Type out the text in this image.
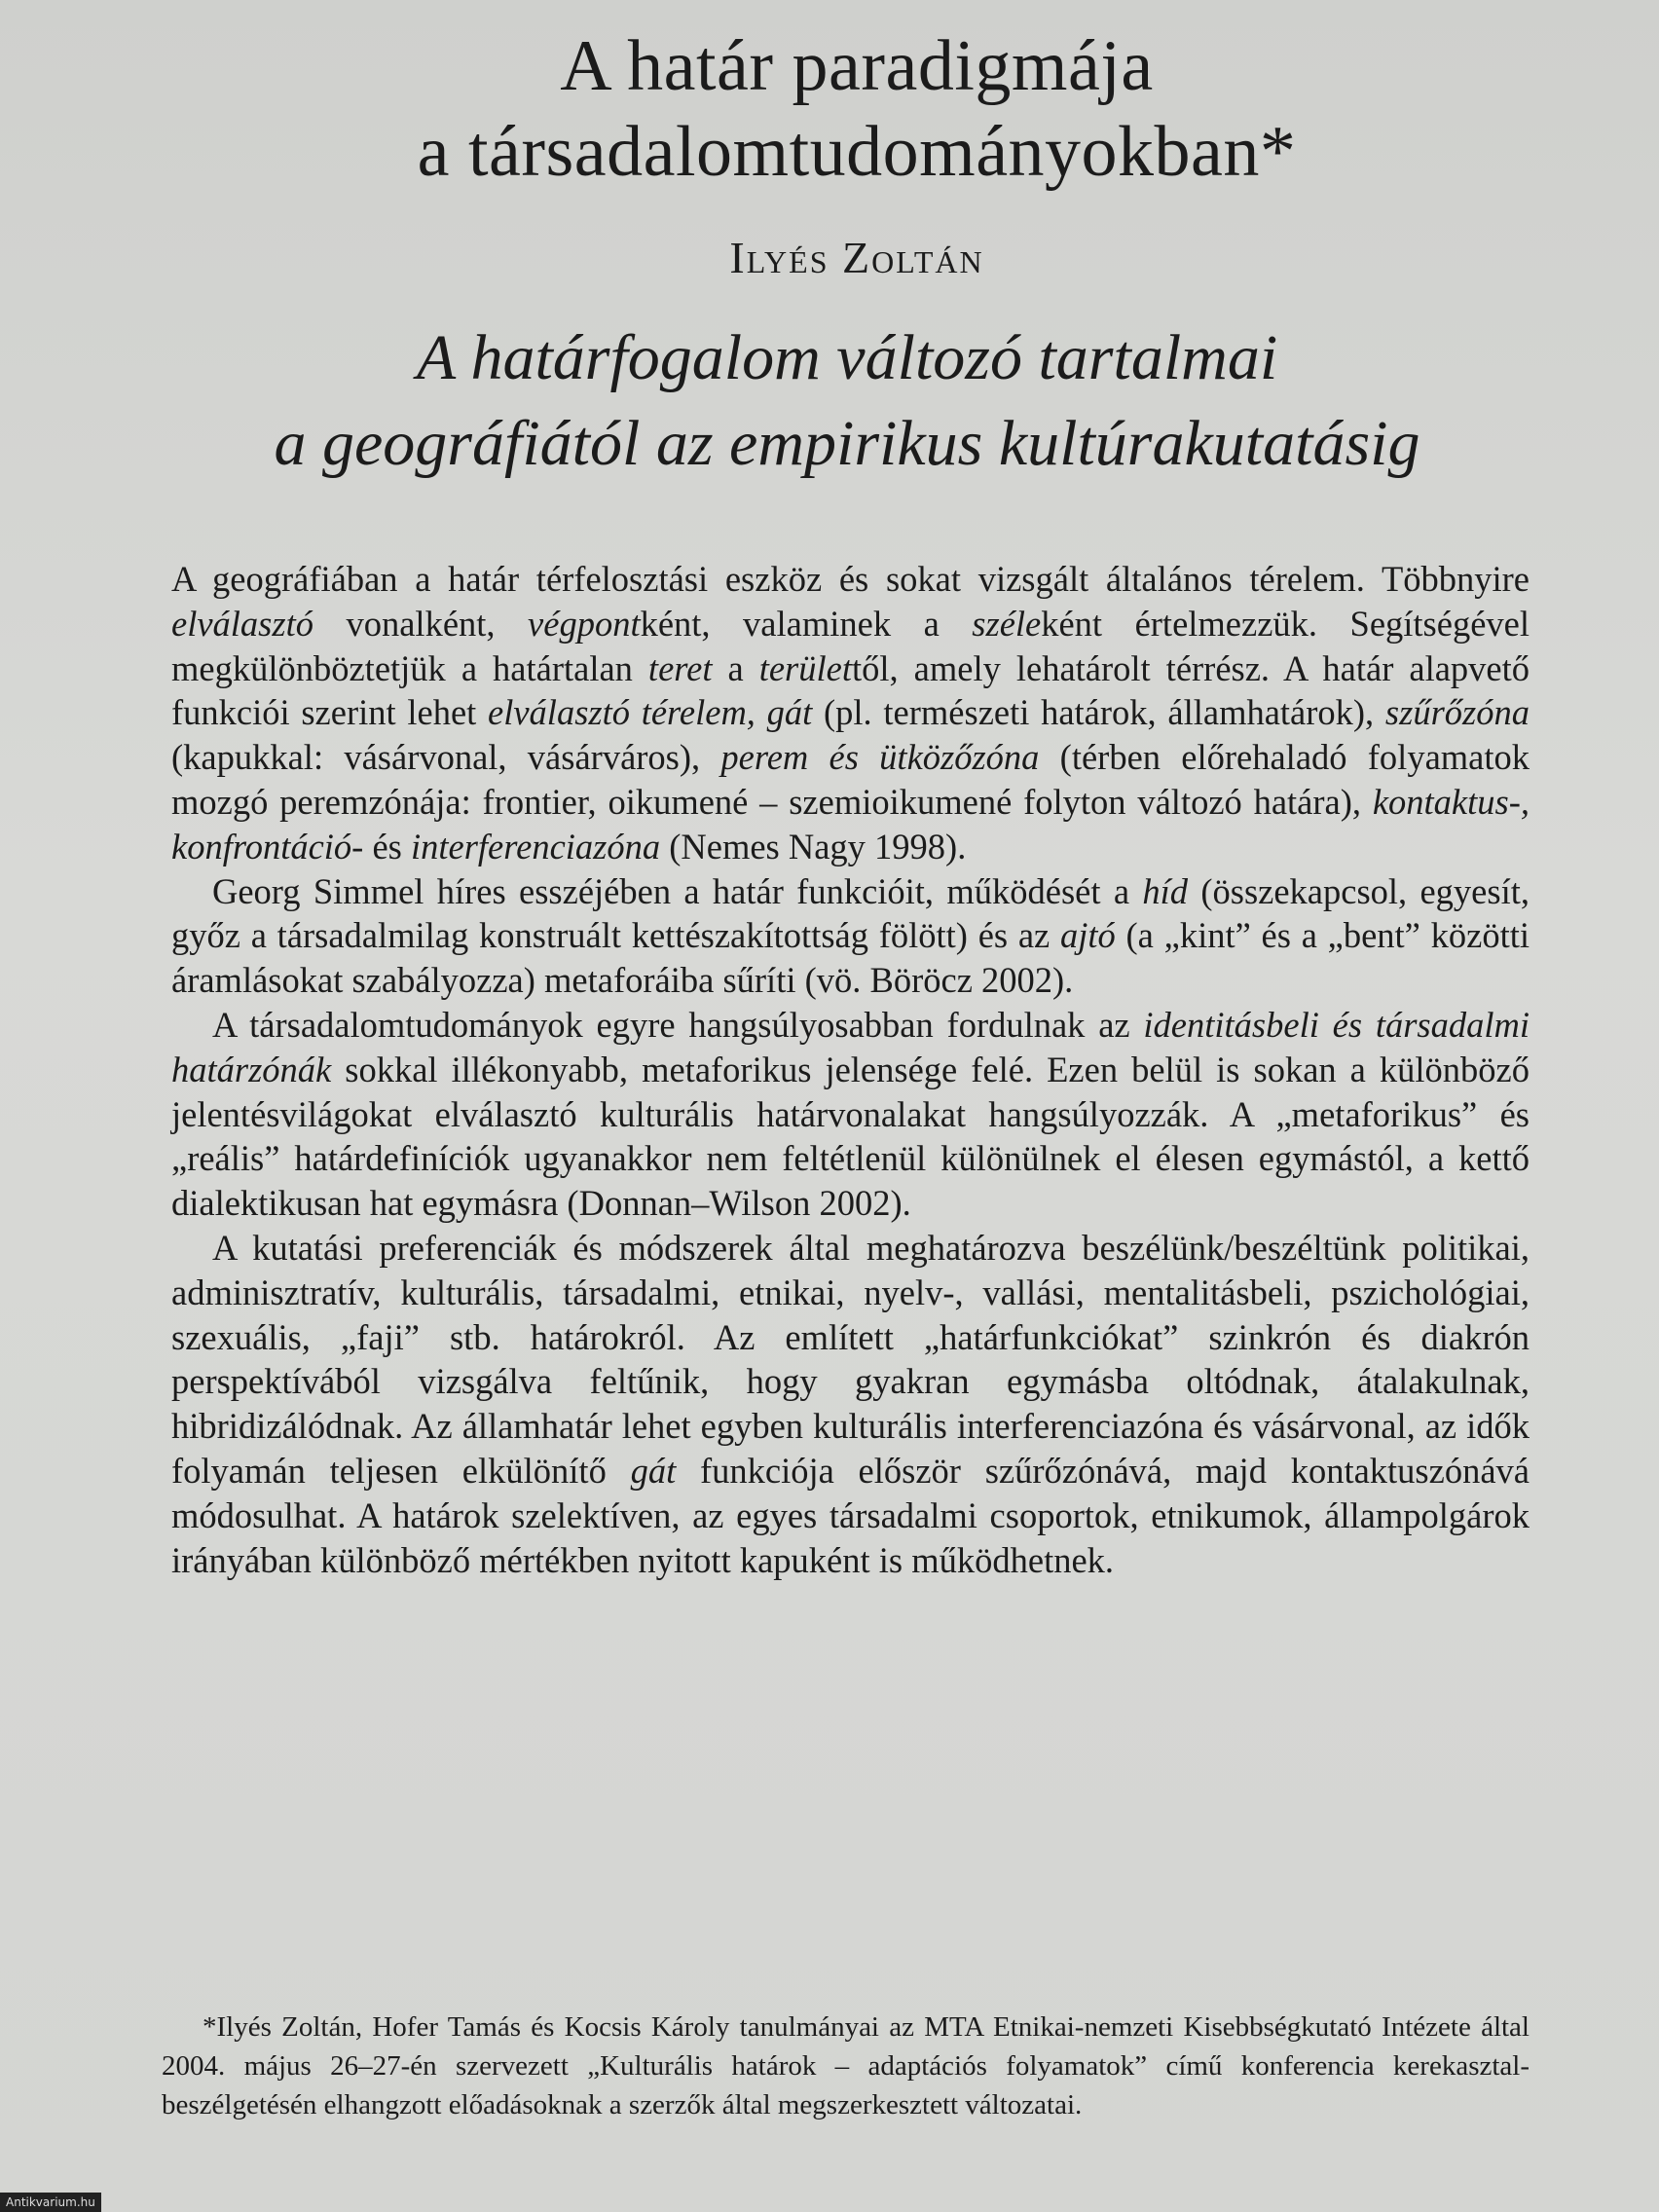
A határ paradigmája
a társadalomtudományokban*
Ilyés Zoltán
A határfogalom változó tartalmai
a geográfiától az empirikus kultúrakutatásig

A geográfiában a határ térfelosztási eszköz és sokat vizsgált általános térelem. Többnyire elválasztó vonalként, végpontként, valaminek a széleként értelmezzük. Segítségével megkülönböztetjük a határtalan teret a területtől, amely lehatárolt térrész. A határ alapvető funkciói szerint lehet elválasztó térelem, gát (pl. természeti határok, államhatárok), szűrőzóna (kapukkal: vásárvonal, vásárváros), perem és ütközőzóna (térben előrehaladó folyamatok mozgó peremzónája: frontier, oikumené – szemioikumené folyton változó határa), kontaktus-, konfrontáció- és interferenciazóna (Nemes Nagy 1998).

Georg Simmel híres esszéjében a határ funkcióit, működését a híd (összekapcsol, egyesít, győz a társadalmilag konstruált kettészakítottság fölött) és az ajtó (a „kint” és a „bent” közötti áramlásokat szabályozza) metaforáiba sűríti (vö. Böröcz 2002).

A társadalomtudományok egyre hangsúlyosabban fordulnak az identitásbeli és társadalmi határzónák sokkal illékonyabb, metaforikus jelensége felé. Ezen belül is sokan a különböző jelentésvilágokat elválasztó kulturális határvonalakat hangsúlyozzák. A „metaforikus” és „reális” határdefiníciók ugyanakkor nem feltétlenül különülnek el élesen egymástól, a kettő dialektikusan hat egymásra (Donnan–Wilson 2002).

A kutatási preferenciák és módszerek által meghatározva beszélünk/beszéltünk politikai, adminisztratív, kulturális, társadalmi, etnikai, nyelv-, vallási, mentalitásbeli, pszichológiai, szexuális, „faji” stb. határokról. Az említett „határfunkciókat” szinkrón és diakrón perspektívából vizsgálva feltűnik, hogy gyakran egymásba oltódnak, átalakulnak, hibridizálódnak. Az államhatár lehet egyben kulturális interferenciazóna és vásárvonal, az idők folyamán teljesen elkülönítő gát funkciója először szűrőzónává, majd kontaktuszónává módosulhat. A határok szelektíven, az egyes társadalmi csoportok, etnikumok, állampolgárok irányában különböző mértékben nyitott kapuként is működhetnek.

*Ilyés Zoltán, Hofer Tamás és Kocsis Károly tanulmányai az MTA Etnikai-nemzeti Kisebbségkutató Intézete által 2004. május 26–27-én szervezett „Kulturális határok – adaptációs folyamatok” című konferencia kerekasztal-beszélgetésén elhangzott előadásoknak a szerzők által megszerkesztett változatai.
Antikvarium.hu
